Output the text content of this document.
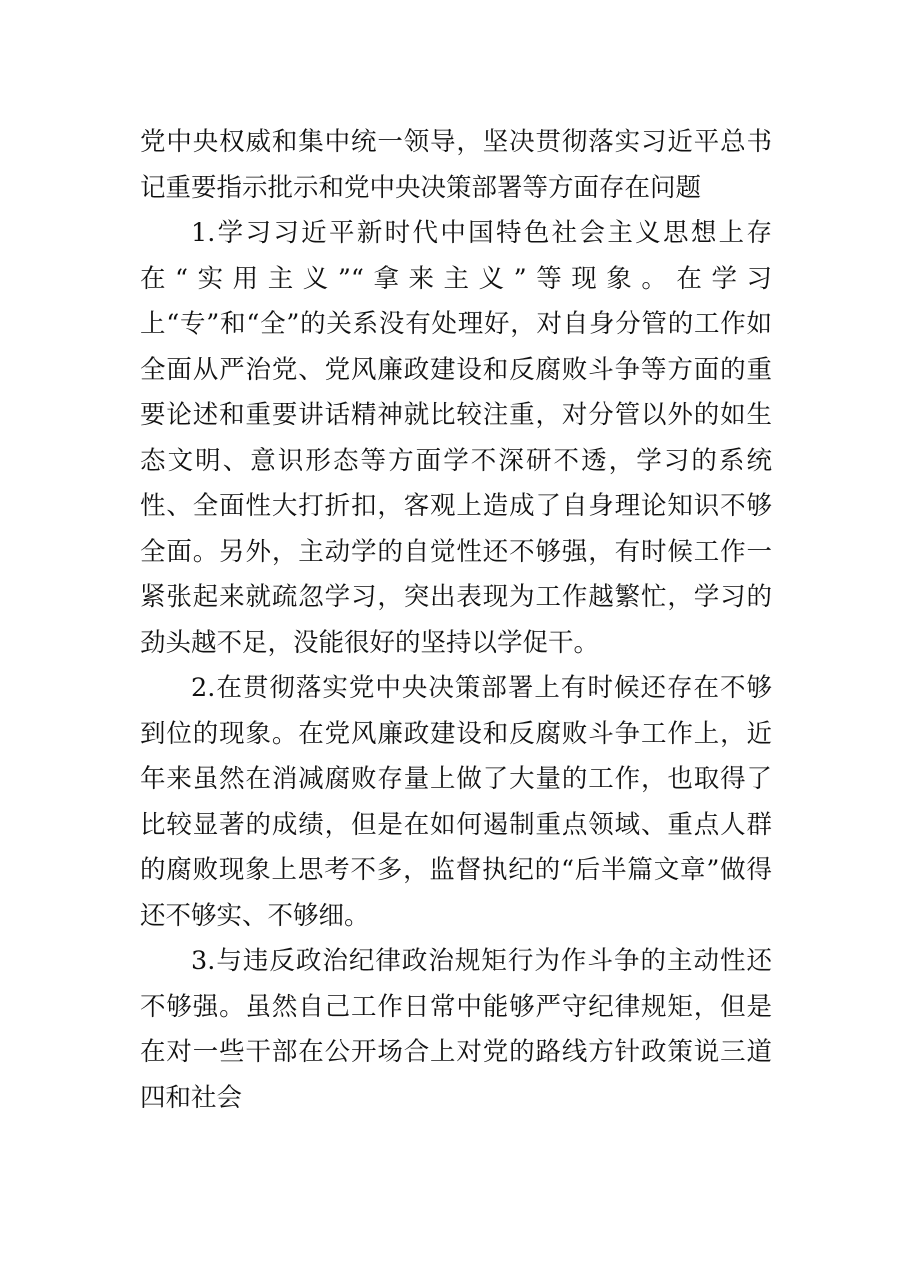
党中央权威和集中统一领导，坚决贯彻落实习近平总书记重要指示批示和党中央决策部署等方面存在问题

1.学习习近平新时代中国特色社会主义思想上存在“实用主义”“拿来主义”等现象。在学习上“专”和“全”的关系没有处理好，对自身分管的工作如全面从严治党、党风廉政建设和反腐败斗争等方面的重要论述和重要讲话精神就比较注重，对分管以外的如生态文明、意识形态等方面学不深研不透，学习的系统性、全面性大打折扣，客观上造成了自身理论知识不够全面。另外，主动学的自觉性还不够强，有时候工作一紧张起来就疏忽学习，突出表现为工作越繁忙，学习的劲头越不足，没能很好的坚持以学促干。

2.在贯彻落实党中央决策部署上有时候还存在不够到位的现象。在党风廉政建设和反腐败斗争工作上，近年来虽然在消减腐败存量上做了大量的工作，也取得了比较显著的成绩，但是在如何遏制重点领域、重点人群的腐败现象上思考不多，监督执纪的“后半篇文章”做得还不够实、不够细。

3.与违反政治纪律政治规矩行为作斗争的主动性还不够强。虽然自己工作日常中能够严守纪律规矩，但是在对一些干部在公开场合上对党的路线方针政策说三道四和社会
